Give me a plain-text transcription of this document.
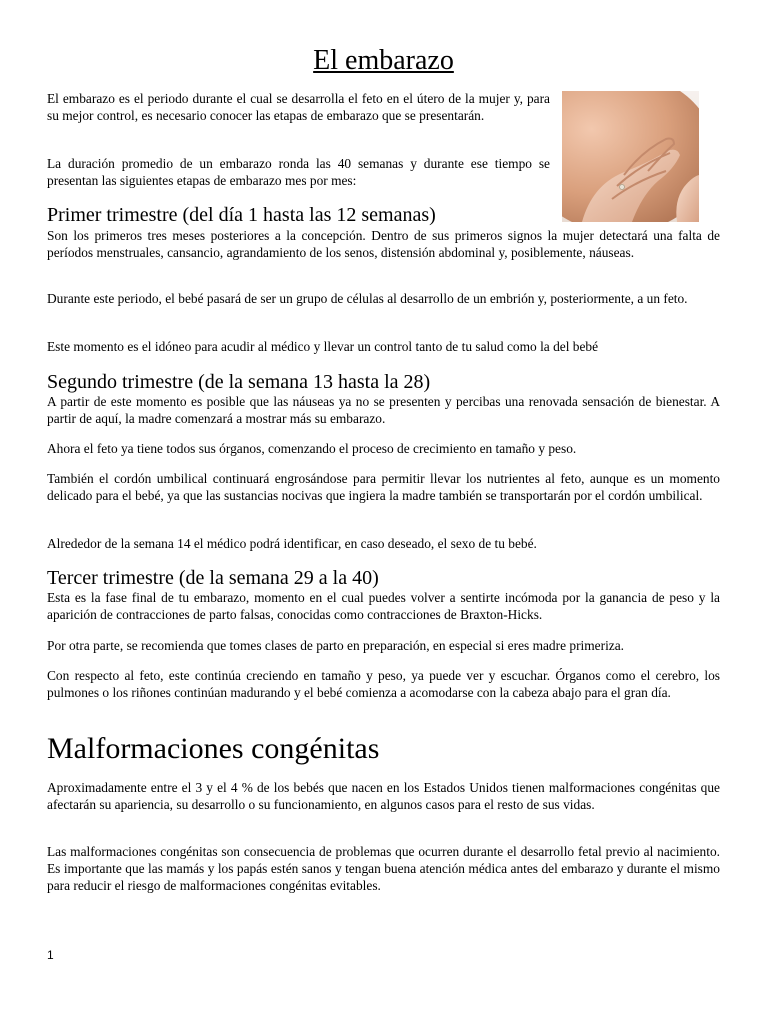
El embarazo

El embarazo es el periodo durante el cual se desarrolla el feto en el útero de la mujer y, para su mejor control, es necesario conocer las etapas de embarazo que se presentarán.

La duración promedio de un embarazo ronda las 40 semanas y durante ese tiempo se presentan las siguientes etapas de embarazo mes por mes:

Primer trimestre (del día 1 hasta las 12 semanas)

Son los primeros tres meses posteriores a la concepción. Dentro de sus primeros signos la mujer detectará una falta de períodos menstruales, cansancio, agrandamiento de los senos, distensión abdominal y, posiblemente, náuseas.

Durante este periodo, el bebé pasará de ser un grupo de células al desarrollo de un embrión y, posteriormente, a un feto.

Este momento es el idóneo para acudir al médico y llevar un control tanto de tu salud como la del bebé

Segundo trimestre (de la semana 13 hasta la 28)

A partir de este momento es posible que las náuseas ya no se presenten y percibas una renovada sensación de bienestar. A partir de aquí, la madre comenzará a mostrar más su embarazo.

Ahora el feto ya tiene todos sus órganos, comenzando el proceso de crecimiento en tamaño y peso.

También el cordón umbilical continuará engrosándose para permitir llevar los nutrientes al feto, aunque es un momento delicado para el bebé, ya que las sustancias nocivas que ingiera la madre también se transportarán por el cordón umbilical.

Alrededor de la semana 14 el médico podrá identificar, en caso deseado, el sexo de tu bebé.

Tercer trimestre (de la semana 29 a la 40)

Esta es la fase final de tu embarazo, momento en el cual puedes volver a sentirte incómoda por la ganancia de peso y la aparición de contracciones de parto falsas, conocidas como contracciones de Braxton-Hicks.

Por otra parte, se recomienda que tomes clases de parto en preparación, en especial si eres madre primeriza.

Con respecto al feto, este continúa creciendo en tamaño y peso, ya puede ver y escuchar. Órganos como el cerebro, los pulmones o los riñones continúan madurando y el bebé comienza a acomodarse con la cabeza abajo para el gran día.

Malformaciones congénitas

Aproximadamente entre el 3 y el 4 % de los bebés que nacen en los Estados Unidos tienen malformaciones congénitas que afectarán su apariencia, su desarrollo o su funcionamiento, en algunos casos para el resto de sus vidas.

Las malformaciones congénitas son consecuencia de problemas que ocurren durante el desarrollo fetal previo al nacimiento. Es importante que las mamás y los papás estén sanos y tengan buena atención médica antes del embarazo y durante el mismo para reducir el riesgo de malformaciones congénitas evitables.

1
